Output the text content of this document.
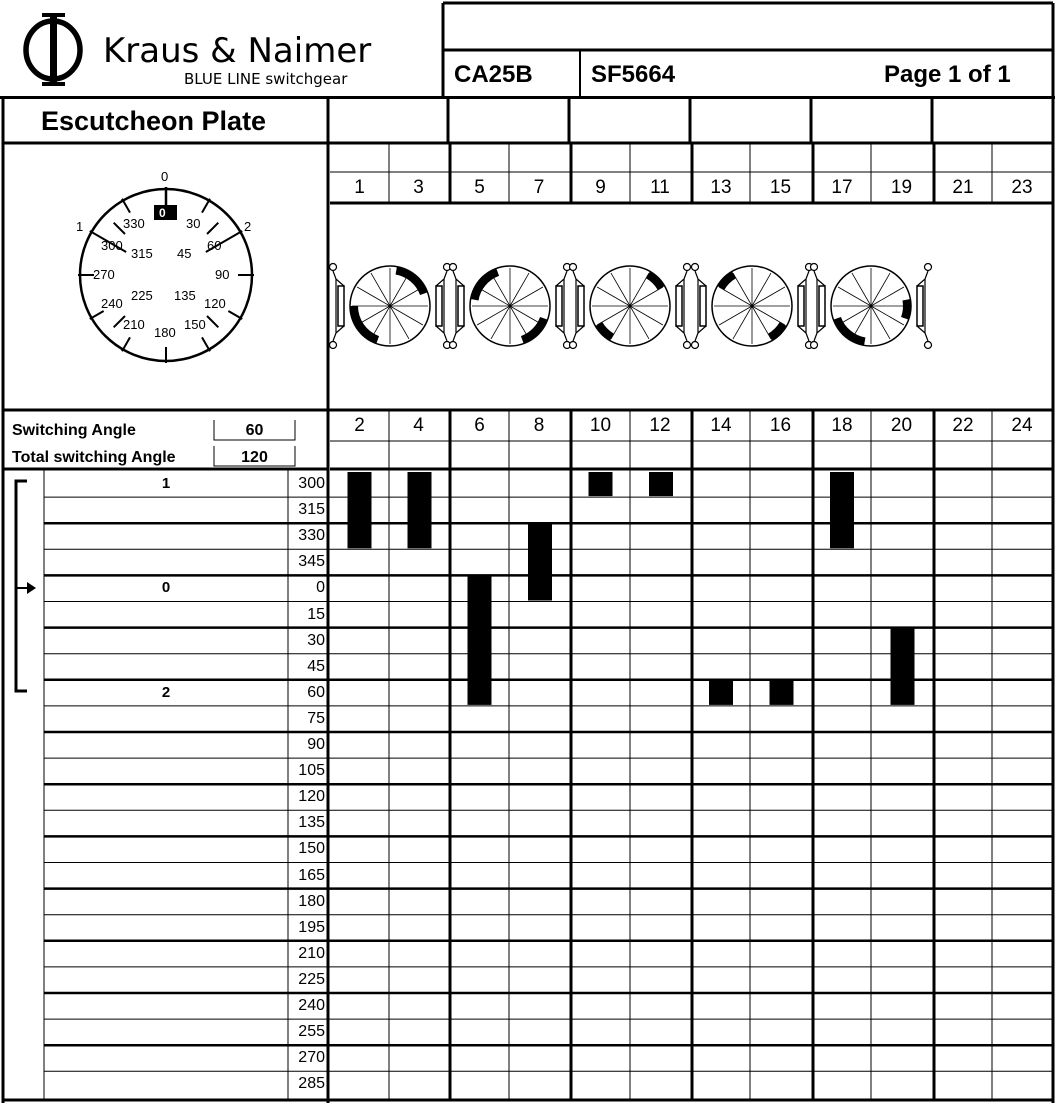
Kraus & Naimer
BLUE LINE switchgear	CA25B SF5664	Page 1 of 1
Escutcheon Plate
0
1	2
0
330	30
300
315 45
60
270	90
240
225 135
120
210
180
150
Switching Angle	60
Total switching Angle	120
1	3	5	7	9	11	13	15	17	19	21	23
2	4	6	8	10	12	14	16	18	20	22	24
1	300
315
330
345
0	0
15
30
45
2	60
75
90
105
120
135
150
165
180
195
210
225
240
255
270
285
